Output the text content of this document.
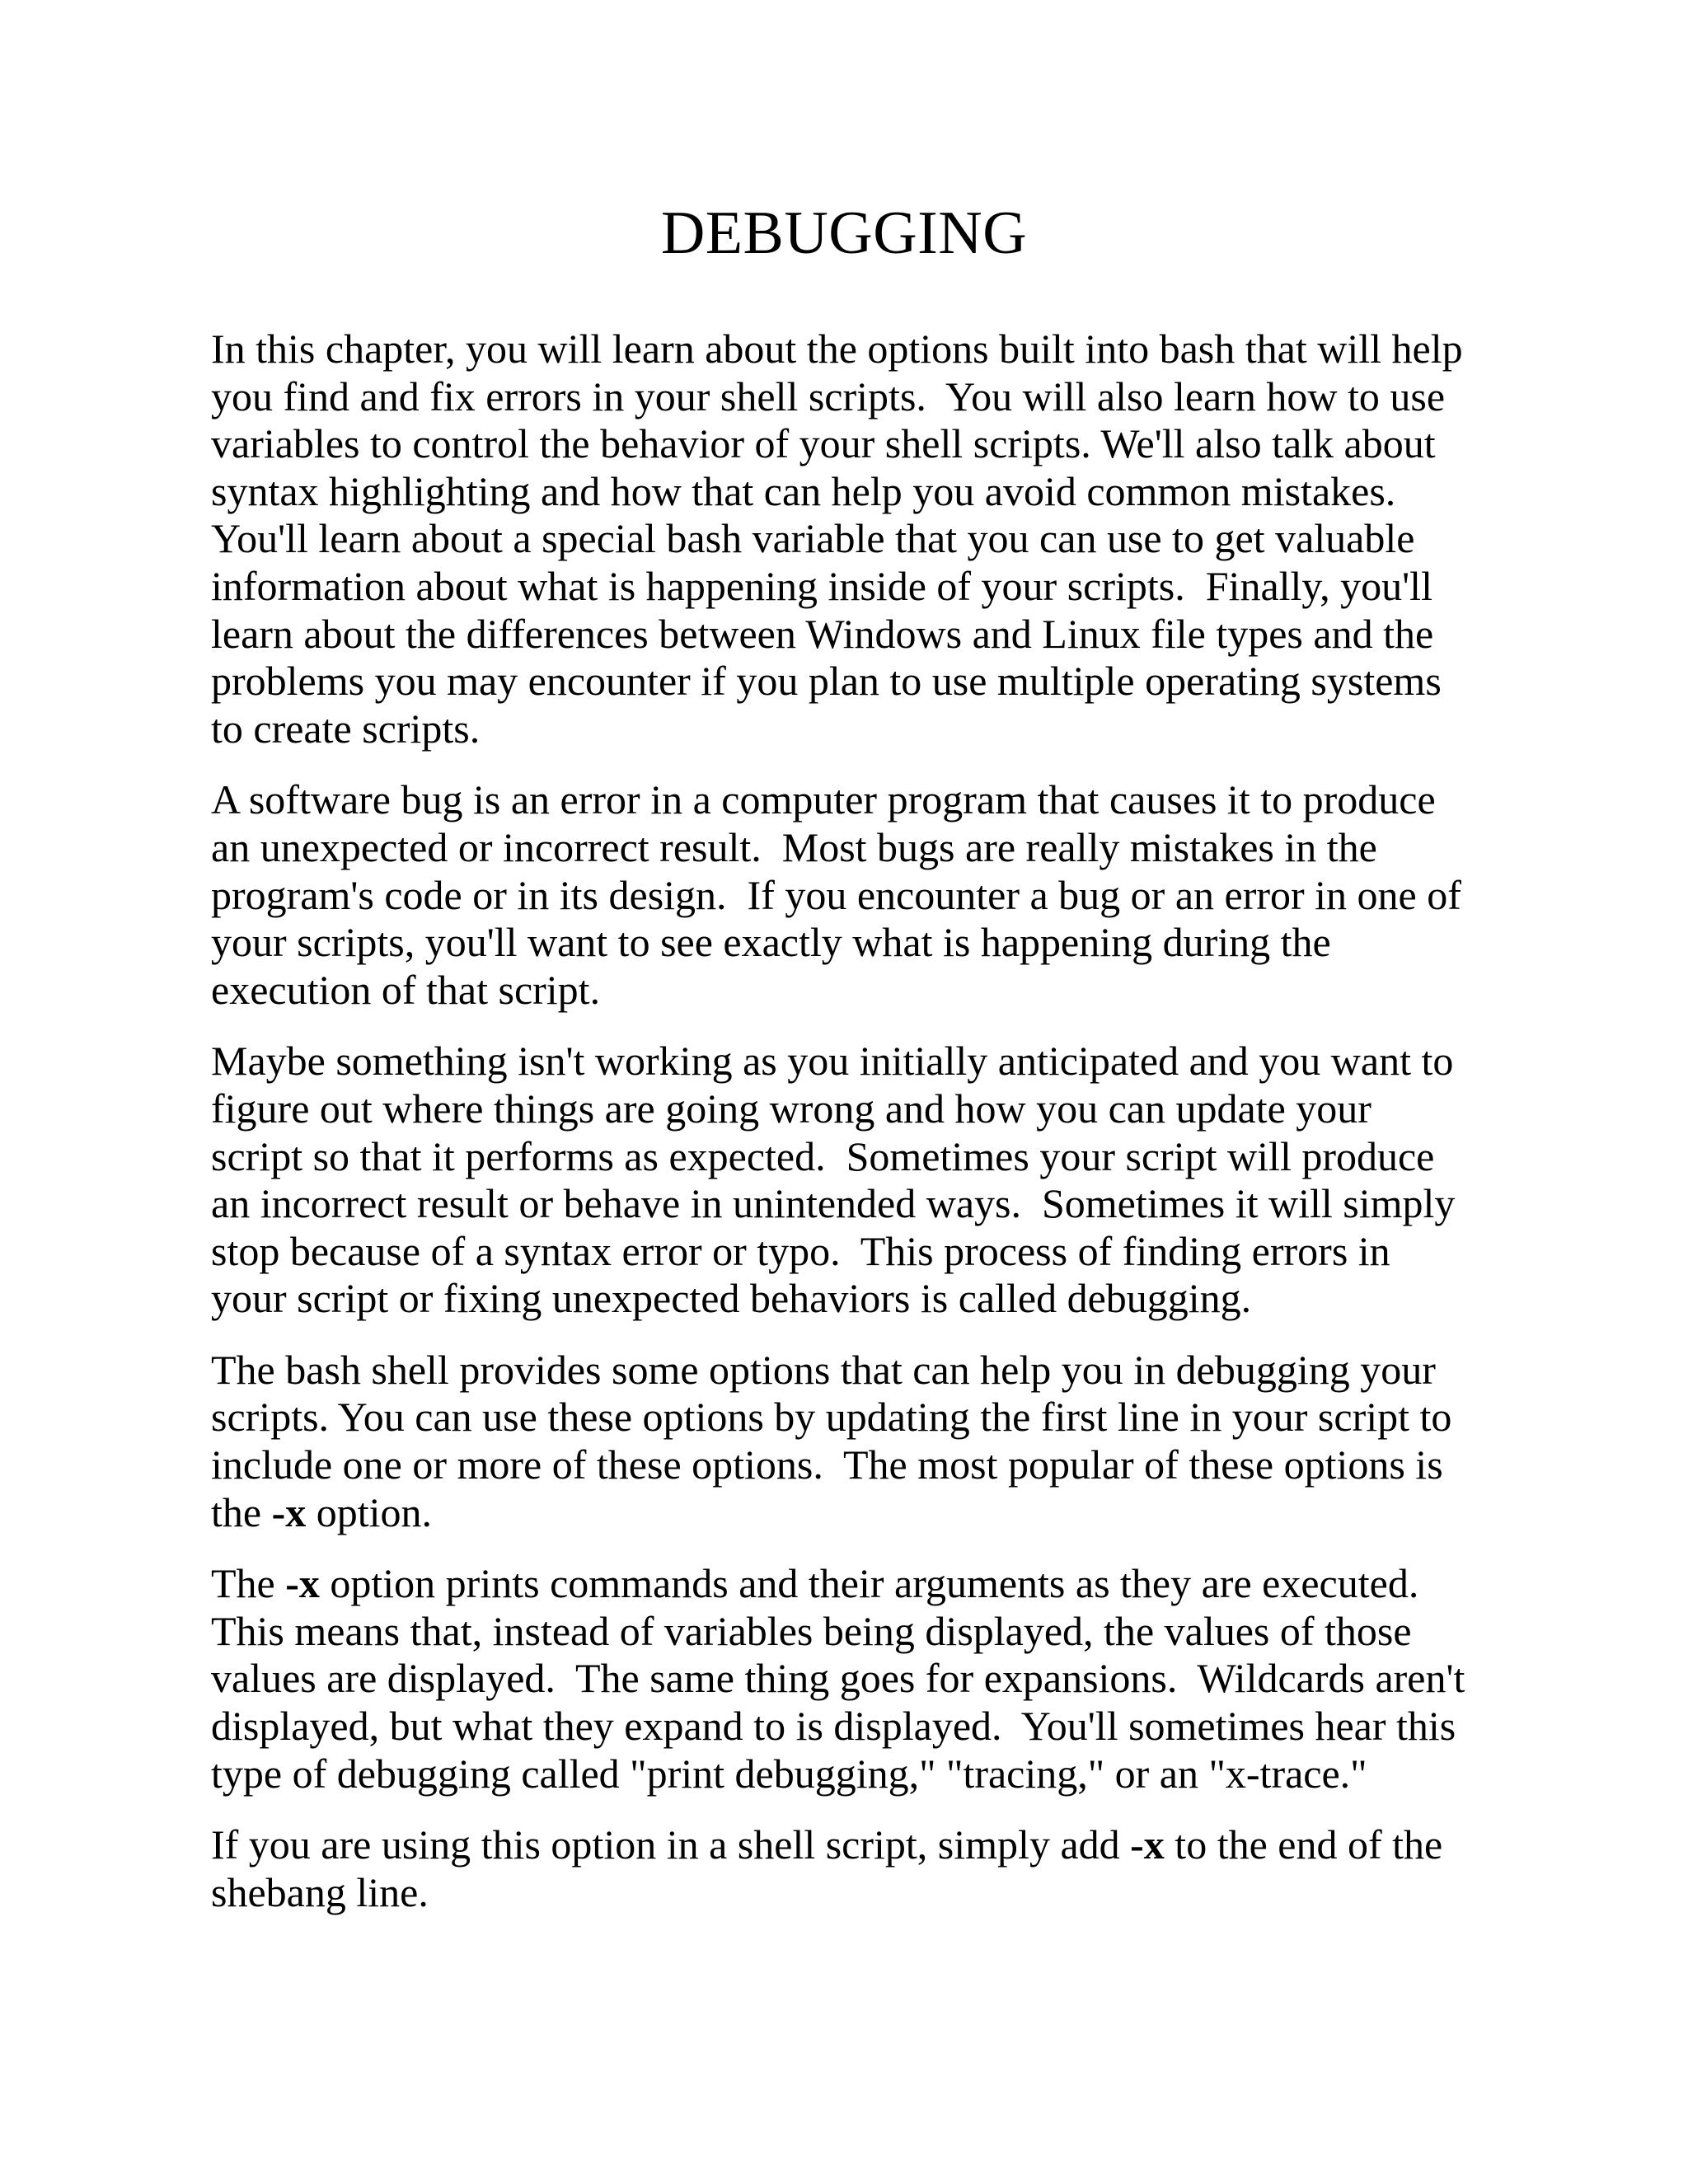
DEBUGGING

In this chapter, you will learn about the options built into bash that will help
you find and fix errors in your shell scripts.  You will also learn how to use
variables to control the behavior of your shell scripts. We'll also talk about
syntax highlighting and how that can help you avoid common mistakes.
You'll learn about a special bash variable that you can use to get valuable
information about what is happening inside of your scripts.  Finally, you'll
learn about the differences between Windows and Linux file types and the
problems you may encounter if you plan to use multiple operating systems
to create scripts.

A software bug is an error in a computer program that causes it to produce
an unexpected or incorrect result.  Most bugs are really mistakes in the
program's code or in its design.  If you encounter a bug or an error in one of
your scripts, you'll want to see exactly what is happening during the
execution of that script.

Maybe something isn't working as you initially anticipated and you want to
figure out where things are going wrong and how you can update your
script so that it performs as expected.  Sometimes your script will produce
an incorrect result or behave in unintended ways.  Sometimes it will simply
stop because of a syntax error or typo.  This process of finding errors in
your script or fixing unexpected behaviors is called debugging.

The bash shell provides some options that can help you in debugging your
scripts. You can use these options by updating the first line in your script to
include one or more of these options.  The most popular of these options is
the -x option.

The -x option prints commands and their arguments as they are executed.
This means that, instead of variables being displayed, the values of those
values are displayed.  The same thing goes for expansions.  Wildcards aren't
displayed, but what they expand to is displayed.  You'll sometimes hear this
type of debugging called "print debugging," "tracing," or an "x-trace."

If you are using this option in a shell script, simply add -x to the end of the
shebang line.
